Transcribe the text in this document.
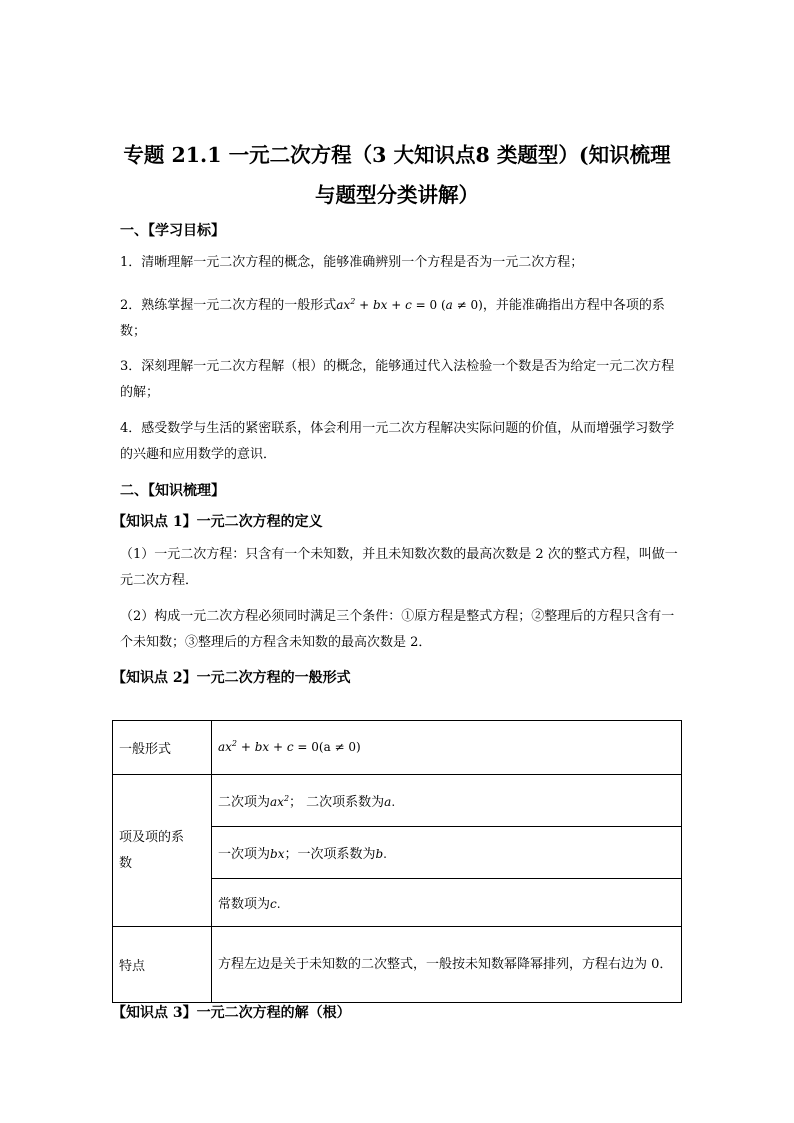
专题 21.1 一元二次方程（3 大知识点8 类题型）(知识梳理
与题型分类讲解）
一、【学习目标】
1．清晰理解一元二次方程的概念，能够准确辨别一个方程是否为一元二次方程；
2．熟练掌握一元二次方程的一般形式$ax^2$ + bx + c = 0 (a ≠ 0)，并能准确指出方程中各项的系数；
3．深刻理解一元二次方程解（根）的概念，能够通过代入法检验一个数是否为给定一元二次方程的解；
4．感受数学与生活的紧密联系，体会利用一元二次方程解决实际问题的价值，从而增强学习数学的兴趣和应用数学的意识．
二、【知识梳理】
【知识点 1】一元二次方程的定义
（1）一元二次方程：只含有一个未知数，并且未知数次数的最高次数是 2 次的整式方程，叫做一元二次方程．
（2）构成一元二次方程必须同时满足三个条件：①原方程是整式方程；②整理后的方程只含有一个未知数；③整理后的方程含未知数的最高次数是 2．
【知识点 2】一元二次方程的一般形式
一般形式	$ax^2$ + bx + c = 0(a ≠ 0)

项及项的系数	二次项为$ax^2$； 二次项系数为a.
	一次项为bx；一次项系数为b.
	常数项为c.
特点	方程左边是关于未知数的二次整式，一般按未知数幂降幂排列，方程右边为 0．

【知识点 3】一元二次方程的解（根）
